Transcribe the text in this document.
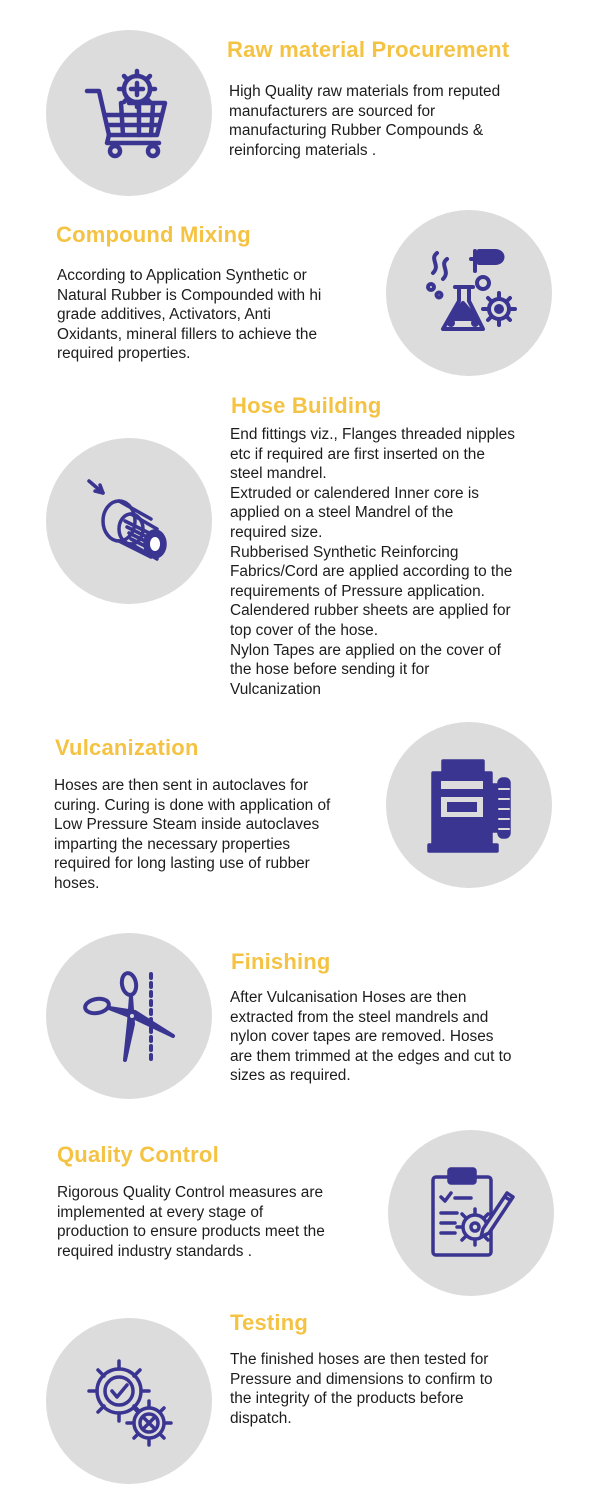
Raw material Procurement

High Quality raw materials from reputed
manufacturers are sourced for
manufacturing Rubber Compounds &
reinforcing materials .

Compound Mixing

According to Application Synthetic or
Natural Rubber is Compounded with hi
grade additives, Activators, Anti
Oxidants, mineral fillers to achieve the
required properties.

Hose Building

End fittings viz., Flanges threaded nipples
etc if required are first inserted on the
steel mandrel.
Extruded or calendered Inner core is
applied on a steel Mandrel of the
required size.
Rubberised Synthetic Reinforcing
Fabrics/Cord are applied according to the
requirements of Pressure application.
Calendered rubber sheets are applied for
top cover of the hose.
Nylon Tapes are applied on the cover of
the hose before sending it for
Vulcanization

Vulcanization

Hoses are then sent in autoclaves for
curing. Curing is done with application of
Low Pressure Steam inside autoclaves
imparting the necessary properties
required for long lasting use of rubber
hoses.

Finishing

After Vulcanisation Hoses are then
extracted from the steel mandrels and
nylon cover tapes are removed. Hoses
are them trimmed at the edges and cut to
sizes as required.

Quality Control

Rigorous Quality Control measures are
implemented at every stage of
production to ensure products meet the
required industry standards .

Testing

The finished hoses are then tested for
Pressure and dimensions to confirm to
the integrity of the products before
dispatch.
